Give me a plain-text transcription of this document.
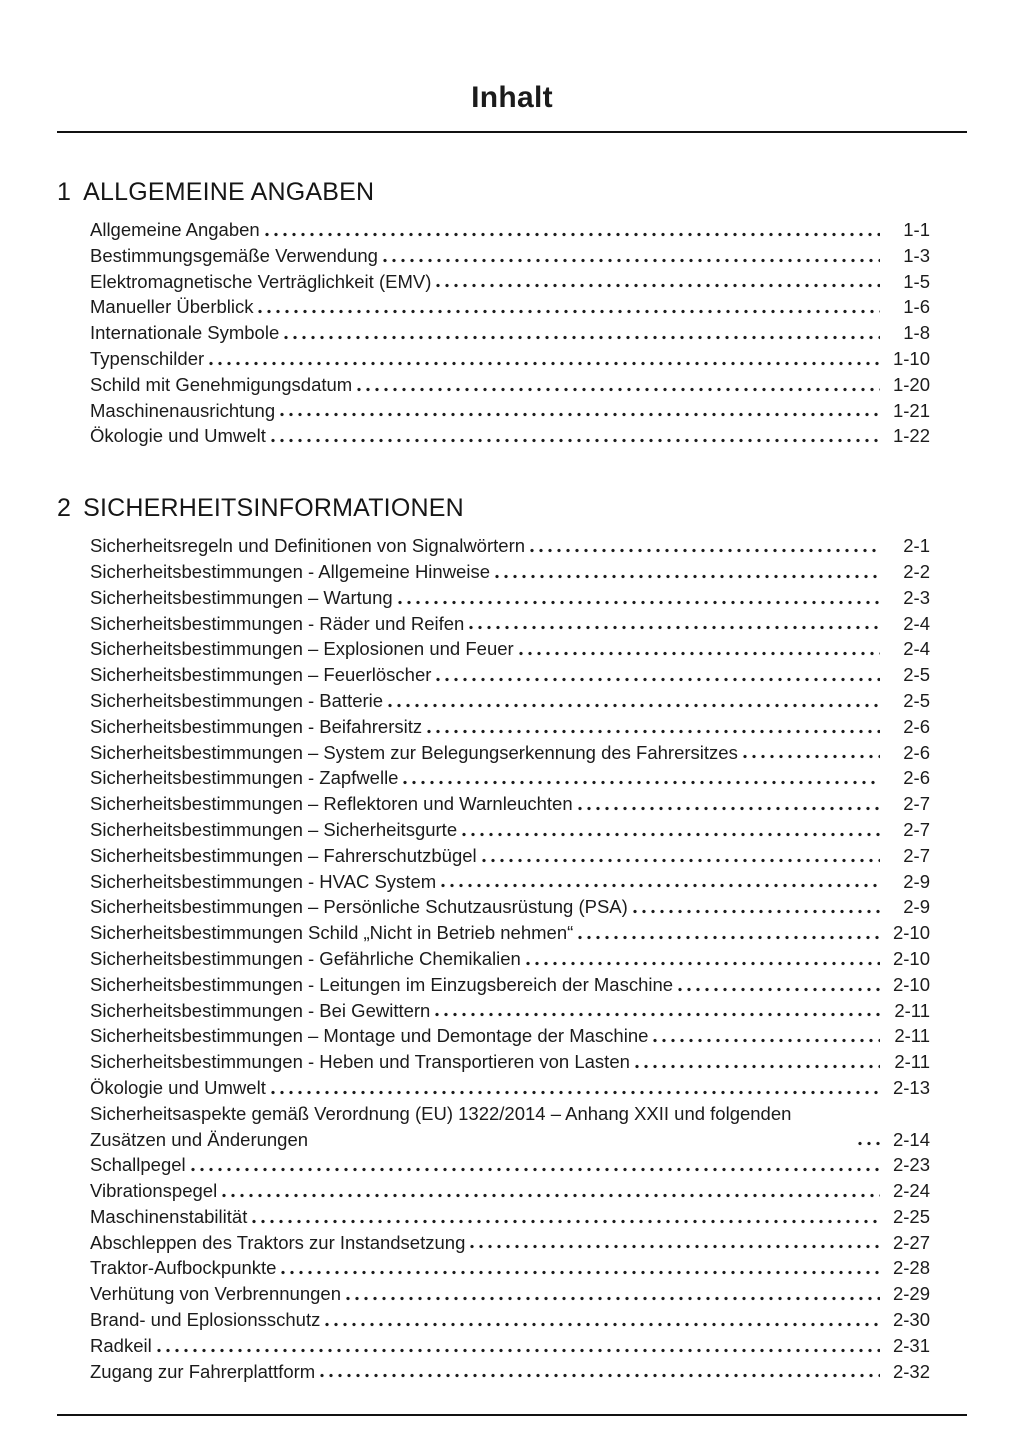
Inhalt
1 ALLGEMEINE ANGABEN
Allgemeine Angaben	1-1
Bestimmungsgemäße Verwendung	1-3
Elektromagnetische Verträglichkeit (EMV)	1-5
Manueller Überblick	1-6
Internationale Symbole	1-8
Typenschilder	1-10
Schild mit Genehmigungsdatum	1-20
Maschinenausrichtung	1-21
Ökologie und Umwelt	1-22
2 SICHERHEITSINFORMATIONEN
Sicherheitsregeln und Definitionen von Signalwörtern	2-1
Sicherheitsbestimmungen - Allgemeine Hinweise	2-2
Sicherheitsbestimmungen – Wartung	2-3
Sicherheitsbestimmungen - Räder und Reifen	2-4
Sicherheitsbestimmungen – Explosionen und Feuer	2-4
Sicherheitsbestimmungen – Feuerlöscher	2-5
Sicherheitsbestimmungen - Batterie	2-5
Sicherheitsbestimmungen - Beifahrersitz	2-6
Sicherheitsbestimmungen – System zur Belegungserkennung des Fahrersitzes	2-6
Sicherheitsbestimmungen - Zapfwelle	2-6
Sicherheitsbestimmungen – Reflektoren und Warnleuchten	2-7
Sicherheitsbestimmungen – Sicherheitsgurte	2-7
Sicherheitsbestimmungen – Fahrerschutzbügel	2-7
Sicherheitsbestimmungen - HVAC System	2-9
Sicherheitsbestimmungen – Persönliche Schutzausrüstung (PSA)	2-9
Sicherheitsbestimmungen Schild „Nicht in Betrieb nehmen“	2-10
Sicherheitsbestimmungen - Gefährliche Chemikalien	2-10
Sicherheitsbestimmungen - Leitungen im Einzugsbereich der Maschine	2-10
Sicherheitsbestimmungen - Bei Gewittern	2-11
Sicherheitsbestimmungen – Montage und Demontage der Maschine	2-11
Sicherheitsbestimmungen - Heben und Transportieren von Lasten	2-11
Ökologie und Umwelt	2-13
Sicherheitsaspekte gemäß Verordnung (EU) 1322/2014 – Anhang XXII und folgenden Zusätzen und Änderungen	2-14
Schallpegel	2-23
Vibrationspegel	2-24
Maschinenstabilität	2-25
Abschleppen des Traktors zur Instandsetzung	2-27
Traktor-Aufbockpunkte	2-28
Verhütung von Verbrennungen	2-29
Brand- und Eplosionsschutz	2-30
Radkeil	2-31
Zugang zur Fahrerplattform	2-32
